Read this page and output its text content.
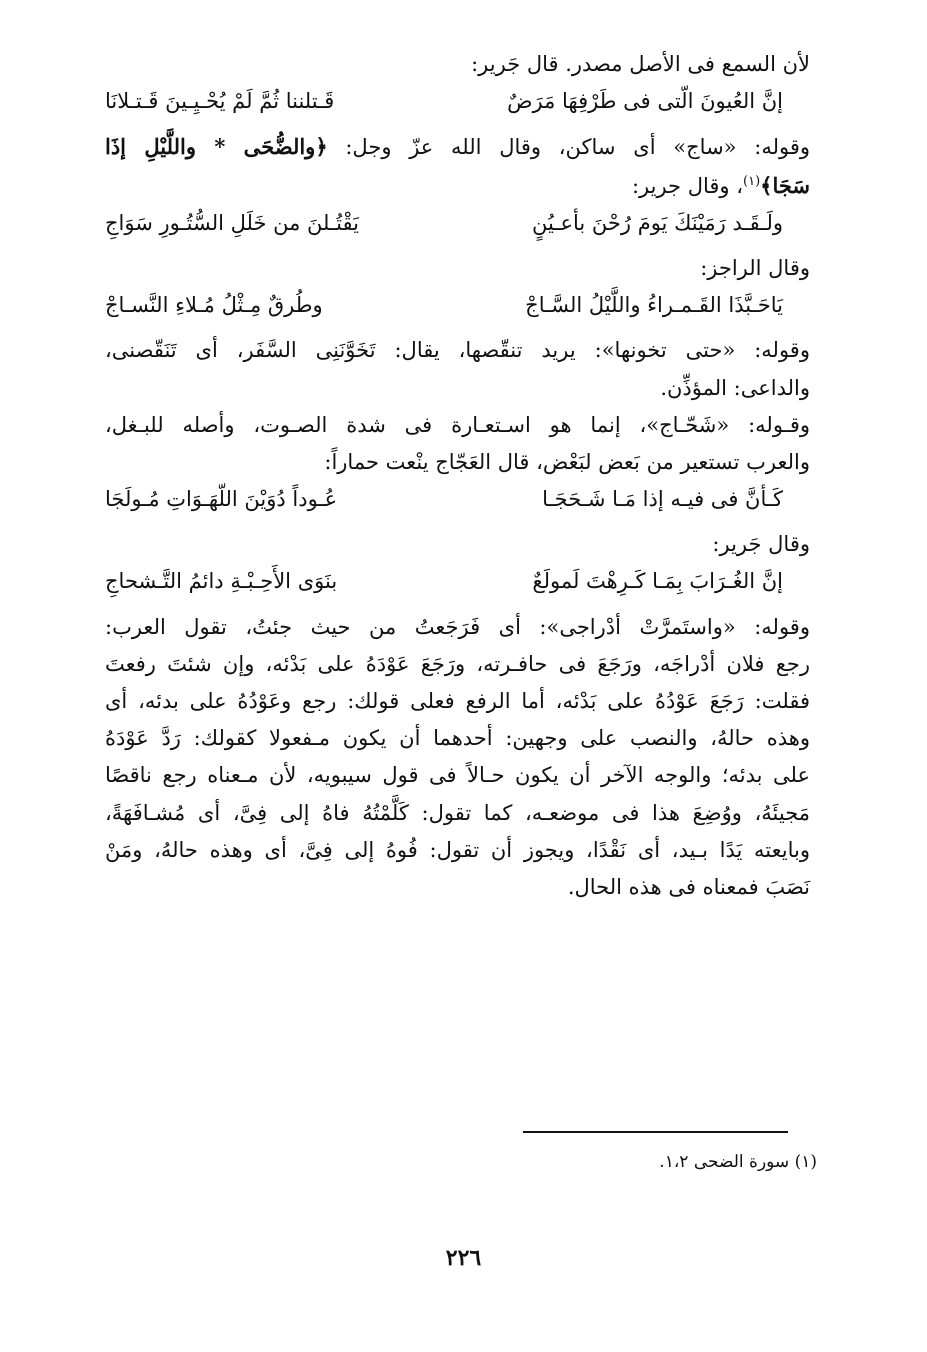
لأن السمع فى الأصل مصدر. قال جَرير:
إنَّ العُيونَ الّتى فى طَرْفِهَا مَرَضٌ
قَـتلننا ثُمَّ لَمْ يُحْـيِـينَ قَـتـلانَا
وقوله: «ساج» أى ساكن، وقال الله عزّ وجل: ﴿والضُّحَى * واللَّيْلِ إذَا
سَجَا﴾$^{(١)}$، وقال جرير:
ولَـقَـد رَمَيْنَكَ يَومَ رُحْنَ بأعـيُنٍ
يَقْتُـلنَ من خَلَلِ السُّتُـورِ سَوَاجِ
وقال الراجز:
يَاحَـبَّذَا القَـمـراءُ واللَّيْلُ السَّـاجْ
وطُرقٌ مِـثْلُ مُـلاءِ النَّسـاجْ
وقوله: «حتى تخونها»: يريد تنقّصها، يقال: تَخَوَّنَنِى السَّفَر، أى تَنَقّصنى،
والداعى: المؤذِّن.
وقـوله: «شَحّـاج»، إنما هو اسـتعـارة فى شدة الصـوت، وأصله للبـغل،
والعرب تستعير من بَعض لبَعْض، قال العَجّاج ينْعت حماراً:
كَـأنَّ فى فيـه إذا مَـا شَـحَجَـا
عُـوداً دُوَيْنَ اللّهَـوَاتِ مُـولَجَا
وقال جَرير:
إنَّ الغُـرَابَ بِمَـا كَـرِهْتَ لَمولَعٌ
بنَوَى الأَحِـبْـةِ دائمُ التَّـشحاجِ
وقوله: «واستَمرَّتْ أدْراجى»: أى فَرَجَعتُ من حيث جئتُ، تقول العرب:
رجع فلان أدْراجَه، ورَجَعَ فى حافـرته، ورَجَعَ عَوْدَهُ على بَدْئه، وإن شئتَ رفعتَ
فقلت: رَجَعَ عَوْدُهُ على بَدْئه، أما الرفع فعلى قولك: رجع وعَوْدُهُ على بدئه، أى
وهذه حالهُ، والنصب على وجهين: أحدهما أن يكون مـفعولا كقولك: رَدَّ عَوْدَهُ
على بدئه؛ والوجه الآخر أن يكون حـالاً فى قول سيبويه، لأن مـعناه رجع ناقصًا
مَجيئَهُ، ووُضِعَ هذا فى موضعـه، كما تقول: كَلَّمْتُهُ فاهُ إلى فِىَّ، أى مُشـافَهَةً،
وبايعته يَدًا بـيد، أى نَقْدًا، ويجوز أن تقول: فُوهُ إلى فِىَّ، أى وهذه حالهُ، ومَنْ
نَصَبَ فمعناه فى هذه الحال.
(١) سورة الضحى ١،٢.
٢٢٦
